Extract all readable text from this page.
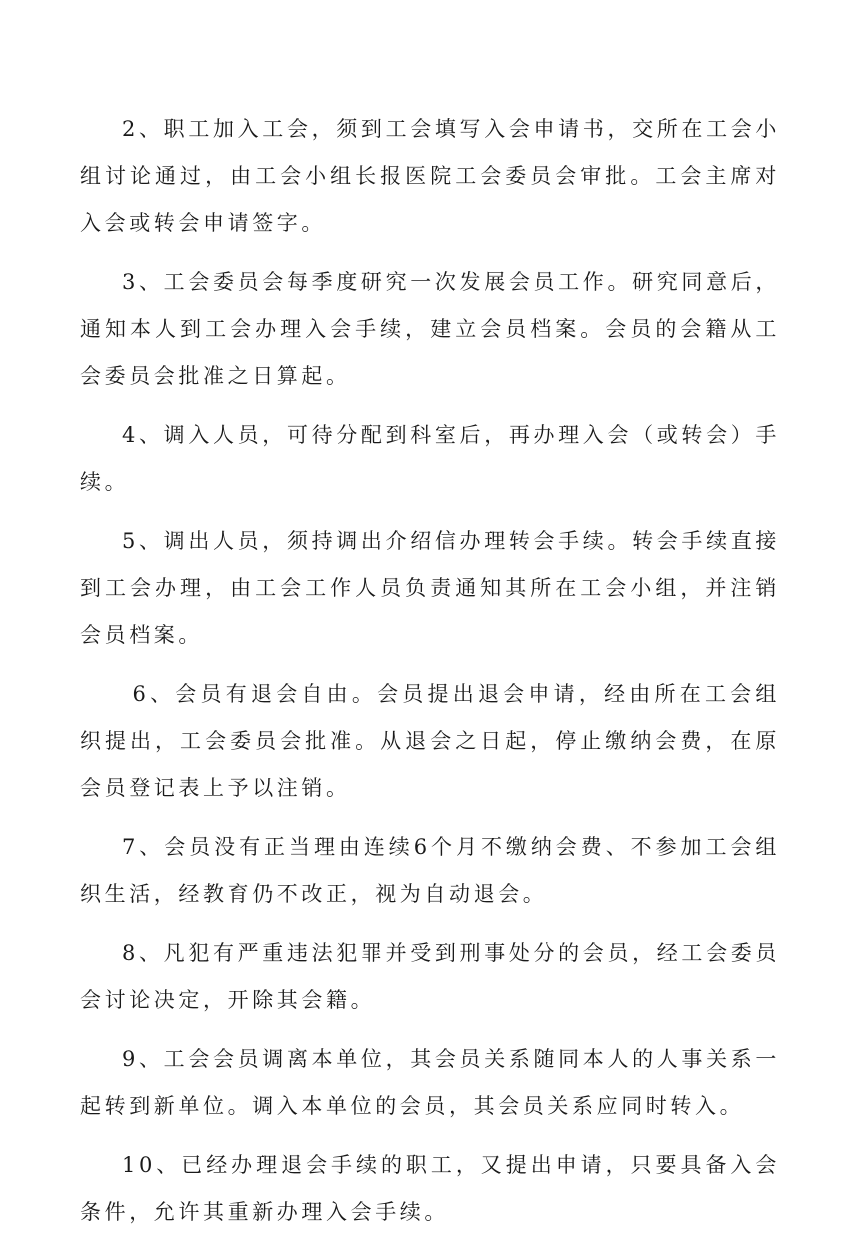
2、职工加入工会，须到工会填写入会申请书，交所在工会小组讨论通过，由工会小组长报医院工会委员会审批。工会主席对入会或转会申请签字。

3、工会委员会每季度研究一次发展会员工作。研究同意后，通知本人到工会办理入会手续，建立会员档案。会员的会籍从工会委员会批准之日算起。

4、调入人员，可待分配到科室后，再办理入会（或转会）手续。

5、调出人员，须持调出介绍信办理转会手续。转会手续直接到工会办理，由工会工作人员负责通知其所在工会小组，并注销会员档案。

6、会员有退会自由。会员提出退会申请，经由所在工会组织提出，工会委员会批准。从退会之日起，停止缴纳会费，在原会员登记表上予以注销。

7、会员没有正当理由连续6个月不缴纳会费、不参加工会组织生活，经教育仍不改正，视为自动退会。

8、凡犯有严重违法犯罪并受到刑事处分的会员，经工会委员会讨论决定，开除其会籍。

9、工会会员调离本单位，其会员关系随同本人的人事关系一起转到新单位。调入本单位的会员，其会员关系应同时转入。

10、已经办理退会手续的职工，又提出申请，只要具备入会条件，允许其重新办理入会手续。
